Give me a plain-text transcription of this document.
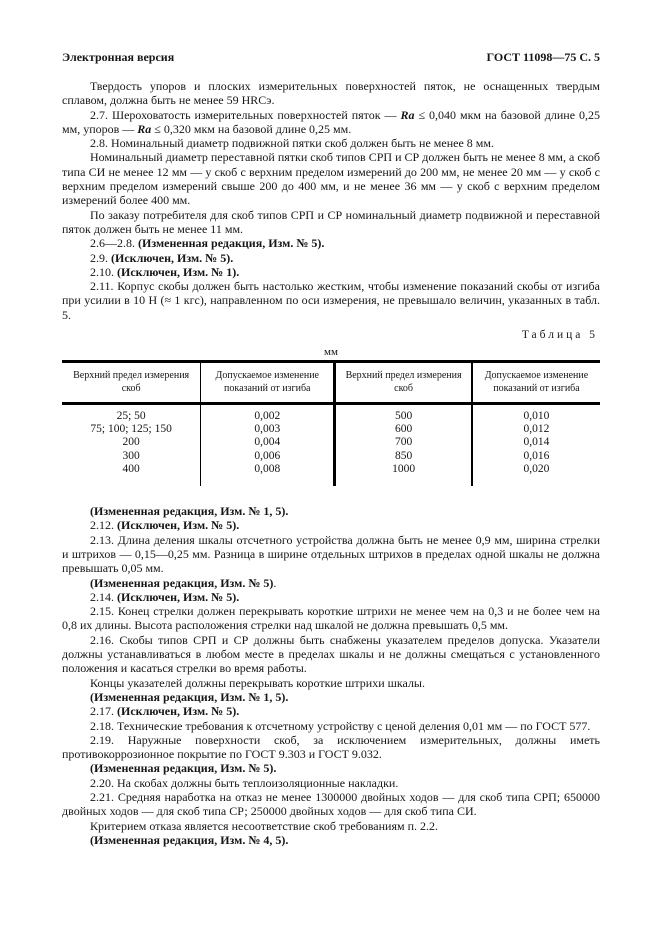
Электронная версия	ГОСТ 11098—75 С. 5

Твердость упоров и плоских измерительных поверхностей пяток, не оснащенных твердым сплавом, должна быть не менее 59 HRCэ.

2.7. Шероховатость измерительных поверхностей пяток — Ra ≤ 0,040 мкм на базовой длине 0,25 мм, упоров — Ra ≤ 0,320 мкм на базовой длине 0,25 мм.

2.8. Номинальный диаметр подвижной пятки скоб должен быть не менее 8 мм.

Номинальный диаметр переставной пятки скоб типов СРП и СР должен быть не менее 8 мм, а скоб типа СИ не менее 12 мм — у скоб с верхним пределом измерений до 200 мм, не менее 20 мм — у скоб с верхним пределом измерений свыше 200 до 400 мм, и не менее 36 мм — у скоб с верхним пределом измерений более 400 мм.

По заказу потребителя для скоб типов СРП и СР номинальный диаметр подвижной и переставной пяток должен быть не менее 11 мм.

2.6—2.8. (Измененная редакция, Изм. № 5).

2.9. (Исключен, Изм. № 5).

2.10. (Исключен, Изм. № 1).

2.11. Корпус скобы должен быть настолько жестким, чтобы изменение показаний скобы от изгиба при усилии в 10 Н (≈ 1 кгс), направленном по оси измерения, не превышало величин, указанных в табл. 5.

Таблица 5
мм
Верхний предел измерения скоб	Допускаемое изменение показаний от изгиба	Верхний предел измерения скоб	Допускаемое изменение показаний от изгиба
25; 50	0,002	500	0,010
75; 100; 125; 150	0,003	600	0,012
200	0,004	700	0,014
300	0,006	850	0,016
400	0,008	1000	0,020

(Измененная редакция, Изм. № 1, 5).

2.12. (Исключен, Изм. № 5).

2.13. Длина деления шкалы отсчетного устройства должна быть не менее 0,9 мм, ширина стрелки и штрихов — 0,15—0,25 мм. Разница в ширине отдельных штрихов в пределах одной шкалы не должна превышать 0,05 мм.

(Измененная редакция, Изм. № 5).

2.14. (Исключен, Изм. № 5).

2.15. Конец стрелки должен перекрывать короткие штрихи не менее чем на 0,3 и не более чем на 0,8 их длины. Высота расположения стрелки над шкалой не должна превышать 0,5 мм.

2.16. Скобы типов СРП и СР должны быть снабжены указателем пределов допуска. Указатели должны устанавливаться в любом месте в пределах шкалы и не должны смещаться с установленного положения и касаться стрелки во время работы.

Концы указателей должны перекрывать короткие штрихи шкалы.

(Измененная редакция, Изм. № 1, 5).

2.17. (Исключен, Изм. № 5).

2.18. Технические требования к отсчетному устройству с ценой деления 0,01 мм — по ГОСТ 577.

2.19. Наружные поверхности скоб, за исключением измерительных, должны иметь противокоррозионное покрытие по ГОСТ 9.303 и ГОСТ 9.032.

(Измененная редакция, Изм. № 5).

2.20. На скобах должны быть теплоизоляционные накладки.

2.21. Средняя наработка на отказ не менее 1300000 двойных ходов — для скоб типа СРП; 650000 двойных ходов — для скоб типа СР; 250000 двойных ходов — для скоб типа СИ.

Критерием отказа является несоответствие скоб требованиям п. 2.2.

(Измененная редакция, Изм. № 4, 5).
